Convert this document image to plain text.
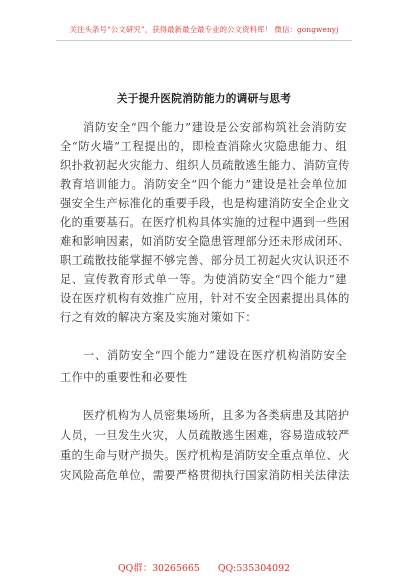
关注头条号“公文研究”，获得最新最全最专业的公文资料库！ 微信：gongwenyj
关于提升医院消防能力的调研与思考
消防安全“四个能力”建设是公安部构筑社会消防安
全“防火墙”工程提出的，即检查消除火灾隐患能力、组
织扑救初起火灾能力、组织人员疏散逃生能力、消防宣传
教育培训能力。消防安全“四个能力”建设是社会单位加
强安全生产标准化的重要手段，也是构建消防安全企业文
化的重要基石。在医疗机构具体实施的过程中遇到一些困
难和影响因素，如消防安全隐患管理部分还未形成闭环、
职工疏散技能掌握不够完善、部分员工初起火灾认识还不
足、宣传教育形式单一等。为使消防安全“四个能力”建
设在医疗机构有效推广应用，针对不安全因素提出具体的
行之有效的解决方案及实施对策如下：
一、消防安全“四个能力”建设在医疗机构消防安全
工作中的重要性和必要性
医疗机构为人员密集场所，且多为各类病患及其陪护
人员，一旦发生火灾，人员疏散逃生困难，容易造成较严
重的生命与财产损失。医疗机构是消防安全重点单位、火
灾风险高危单位，需要严格贯彻执行国家消防相关法律法
QQ群：30265665 QQ:535304092
